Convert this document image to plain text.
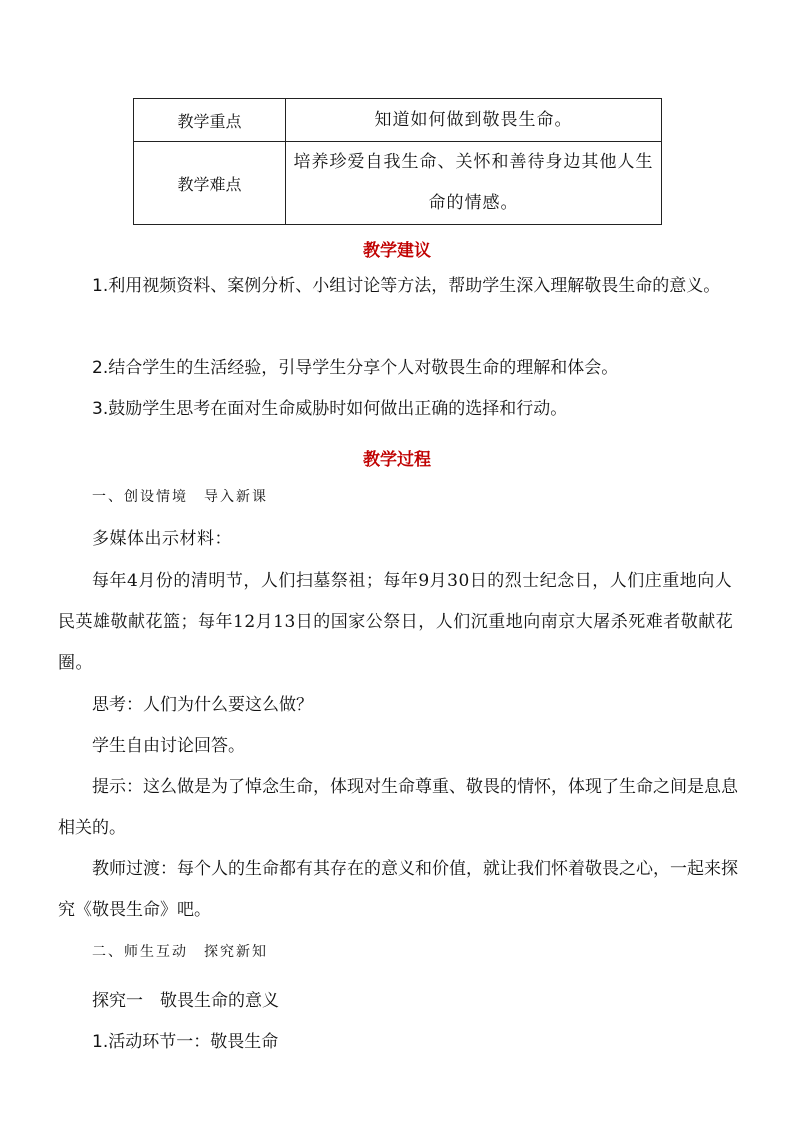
教学重点	知道如何做到敬畏生命。
教学难点	培养珍爱自我生命、关怀和善待身边其他人生命的情感。
教学建议
1.利用视频资料、案例分析、小组讨论等方法，帮助学生深入理解敬畏生命的意义。
2.结合学生的生活经验，引导学生分享个人对敬畏生命的理解和体会。
3.鼓励学生思考在面对生命威胁时如何做出正确的选择和行动。
教学过程
一、创设情境　导入新课
多媒体出示材料：
每年4月份的清明节，人们扫墓祭祖；每年9月30日的烈士纪念日，人们庄重地向人民英雄敬献花篮；每年12月13日的国家公祭日，人们沉重地向南京大屠杀死难者敬献花圈。
思考：人们为什么要这么做？
学生自由讨论回答。
提示：这么做是为了悼念生命，体现对生命尊重、敬畏的情怀，体现了生命之间是息息相关的。
教师过渡：每个人的生命都有其存在的意义和价值，就让我们怀着敬畏之心，一起来探究《敬畏生命》吧。
二、师生互动　探究新知
探究一　敬畏生命的意义
1.活动环节一：敬畏生命
